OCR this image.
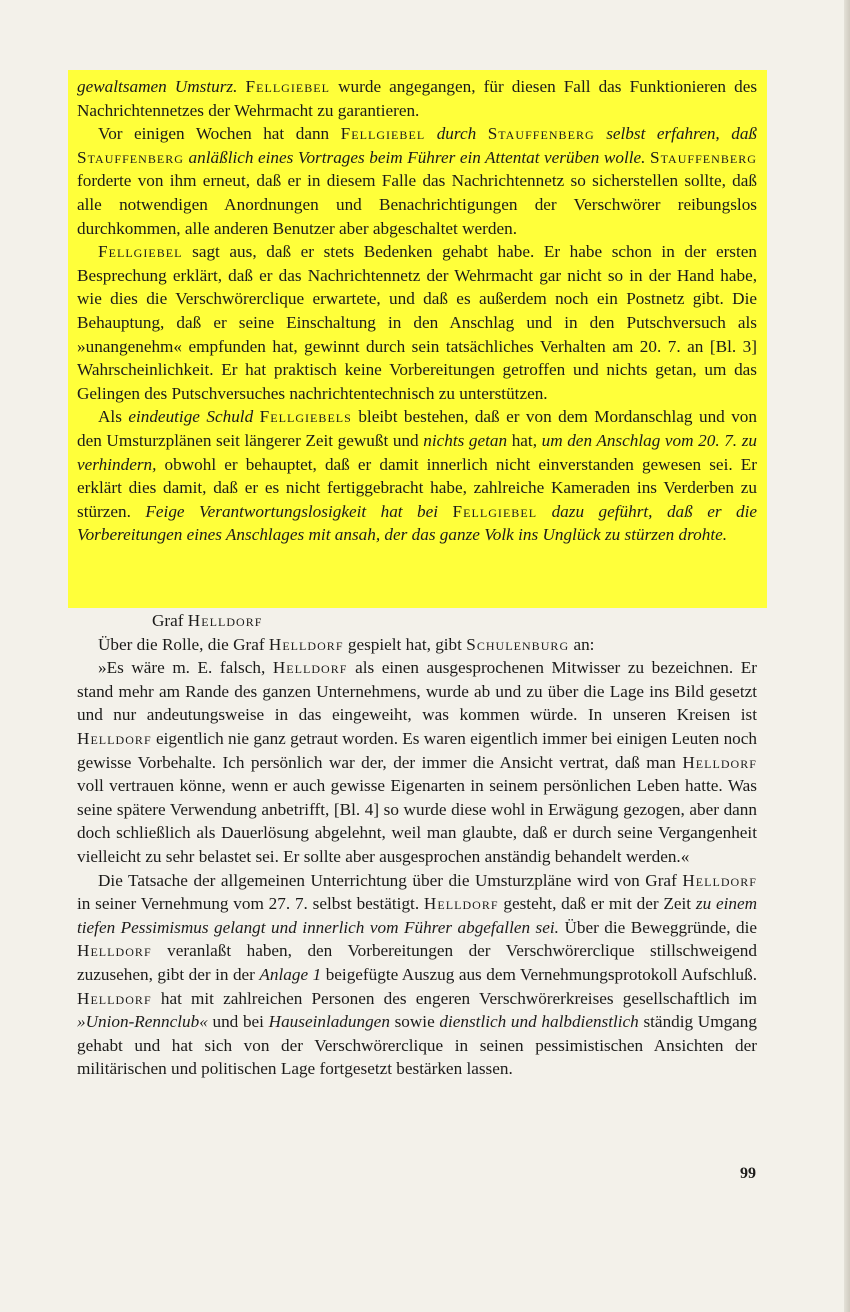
gewaltsamen Umsturz. Fellgiebel wurde angegangen, für diesen Fall das Funktionieren des Nachrichtennetzes der Wehrmacht zu garantieren.

Vor einigen Wochen hat dann Fellgiebel durch Stauffenberg selbst erfahren, daß Stauffenberg anläßlich eines Vortrages beim Führer ein Attentat verüben wolle. Stauffenberg forderte von ihm erneut, daß er in diesem Falle das Nachrichtennetz so sicherstellen sollte, daß alle notwendigen Anordnungen und Benachrichtigungen der Verschwörer reibungslos durchkommen, alle anderen Benutzer aber abgeschaltet werden.

Fellgiebel sagt aus, daß er stets Bedenken gehabt habe. Er habe schon in der ersten Besprechung erklärt, daß er das Nachrichtennetz der Wehrmacht gar nicht so in der Hand habe, wie dies die Verschwörerclique erwartete, und daß es außerdem noch ein Postnetz gibt. Die Behauptung, daß er seine Einschaltung in den Anschlag und in den Putschversuch als »unangenehm« empfunden hat, gewinnt durch sein tatsächliches Verhalten am 20. 7. an [Bl. 3] Wahrscheinlichkeit. Er hat praktisch keine Vorbereitungen getroffen und nichts getan, um das Gelingen des Putschversuches nachrichtentechnisch zu unterstützen.

Als eindeutige Schuld Fellgiebels bleibt bestehen, daß er von dem Mordanschlag und von den Umsturzplänen seit längerer Zeit gewußt und nichts getan hat, um den Anschlag vom 20. 7. zu verhindern, obwohl er behauptet, daß er damit innerlich nicht einverstanden gewesen sei. Er erklärt dies damit, daß er es nicht fertiggebracht habe, zahlreiche Kameraden ins Verderben zu stürzen. Feige Verantwortungslosigkeit hat bei Fellgiebel dazu geführt, daß er die Vorbereitungen eines Anschlages mit ansah, der das ganze Volk ins Unglück zu stürzen drohte.

Graf Helldorf

Über die Rolle, die Graf Helldorf gespielt hat, gibt Schulenburg an:

»Es wäre m. E. falsch, Helldorf als einen ausgesprochenen Mitwisser zu bezeichnen. Er stand mehr am Rande des ganzen Unternehmens, wurde ab und zu über die Lage ins Bild gesetzt und nur andeutungsweise in das eingeweiht, was kommen würde. In unseren Kreisen ist Helldorf eigentlich nie ganz getraut worden. Es waren eigentlich immer bei einigen Leuten noch gewisse Vorbehalte. Ich persönlich war der, der immer die Ansicht vertrat, daß man Helldorf voll vertrauen könne, wenn er auch gewisse Eigenarten in seinem persönlichen Leben hatte. Was seine spätere Verwendung anbetrifft, [Bl. 4] so wurde diese wohl in Erwägung gezogen, aber dann doch schließlich als Dauerlösung abgelehnt, weil man glaubte, daß er durch seine Vergangenheit vielleicht zu sehr belastet sei. Er sollte aber ausgesprochen anständig behandelt werden.«

Die Tatsache der allgemeinen Unterrichtung über die Umsturzpläne wird von Graf Helldorf in seiner Vernehmung vom 27. 7. selbst bestätigt. Helldorf gesteht, daß er mit der Zeit zu einem tiefen Pessimismus gelangt und innerlich vom Führer abgefallen sei. Über die Beweggründe, die Helldorf veranlaßt haben, den Vorbereitungen der Verschwörerclique stillschweigend zuzusehen, gibt der in der Anlage 1 beigefügte Auszug aus dem Vernehmungsprotokoll Aufschluß. Helldorf hat mit zahlreichen Personen des engeren Verschwörerkreises gesellschaftlich im »Union-Rennclub« und bei Hauseinladungen sowie dienstlich und halbdienstlich ständig Umgang gehabt und hat sich von der Verschwörerclique in seinen pessimistischen Ansichten der militärischen und politischen Lage fortgesetzt bestärken lassen.

99
